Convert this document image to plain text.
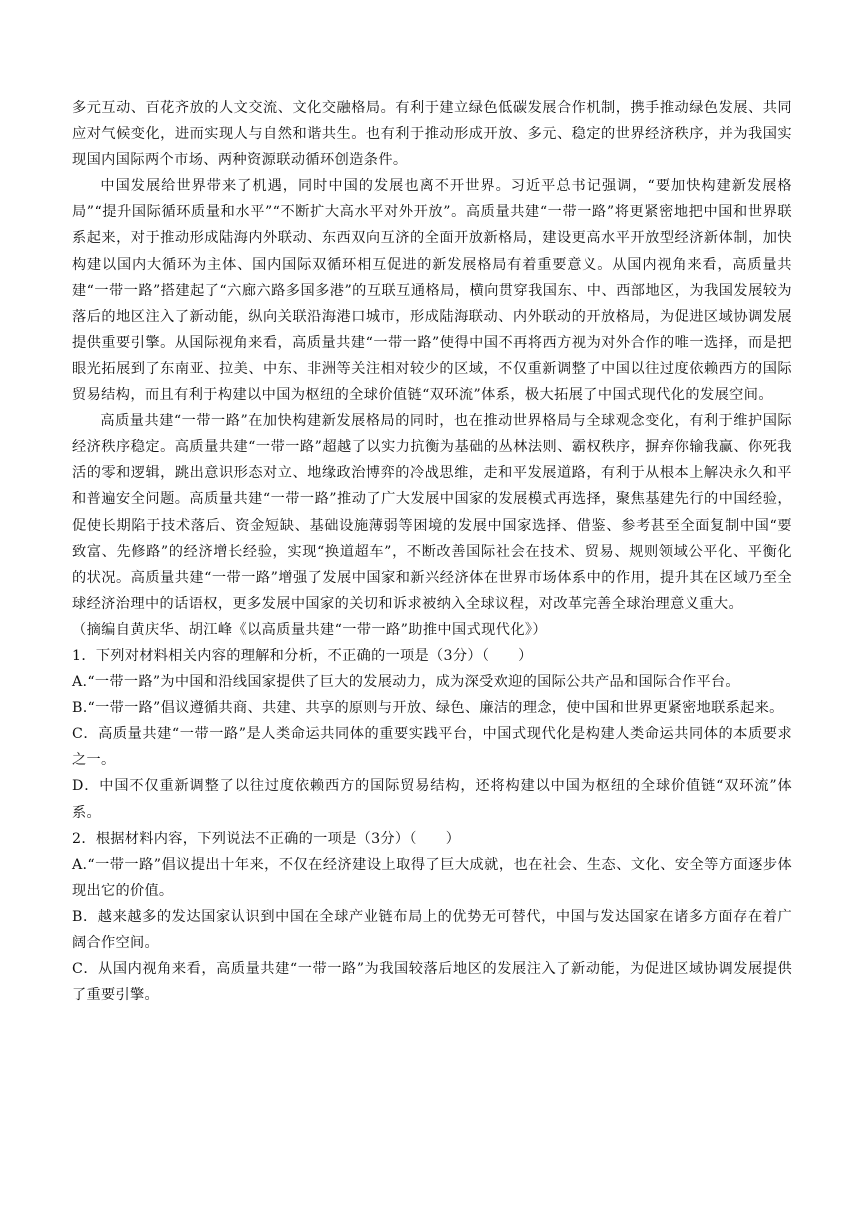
多元互动、百花齐放的人文交流、文化交融格局。有利于建立绿色低碳发展合作机制，携手推动绿色发展、共同应对气候变化，进而实现人与自然和谐共生。也有利于推动形成开放、多元、稳定的世界经济秩序，并为我国实现国内国际两个市场、两种资源联动循环创造条件。

中国发展给世界带来了机遇，同时中国的发展也离不开世界。习近平总书记强调，“要加快构建新发展格局”“提升国际循环质量和水平”“不断扩大高水平对外开放”。高质量共建“一带一路”将更紧密地把中国和世界联系起来，对于推动形成陆海内外联动、东西双向互济的全面开放新格局，建设更高水平开放型经济新体制，加快构建以国内大循环为主体、国内国际双循环相互促进的新发展格局有着重要意义。从国内视角来看，高质量共建“一带一路”搭建起了“六廊六路多国多港”的互联互通格局，横向贯穿我国东、中、西部地区，为我国发展较为落后的地区注入了新动能，纵向关联沿海港口城市，形成陆海联动、内外联动的开放格局，为促进区域协调发展提供重要引擎。从国际视角来看，高质量共建“一带一路”使得中国不再将西方视为对外合作的唯一选择，而是把眼光拓展到了东南亚、拉美、中东、非洲等关注相对较少的区域，不仅重新调整了中国以往过度依赖西方的国际贸易结构，而且有利于构建以中国为枢纽的全球价值链“双环流”体系，极大拓展了中国式现代化的发展空间。

高质量共建“一带一路”在加快构建新发展格局的同时，也在推动世界格局与全球观念变化，有利于维护国际经济秩序稳定。高质量共建“一带一路”超越了以实力抗衡为基础的丛林法则、霸权秩序，摒弃你输我赢、你死我活的零和逻辑，跳出意识形态对立、地缘政治博弈的冷战思维，走和平发展道路，有利于从根本上解决永久和平和普遍安全问题。高质量共建“一带一路”推动了广大发展中国家的发展模式再选择，聚焦基建先行的中国经验，促使长期陷于技术落后、资金短缺、基础设施薄弱等困境的发展中国家选择、借鉴、参考甚至全面复制中国“要致富、先修路”的经济增长经验，实现“换道超车”，不断改善国际社会在技术、贸易、规则领域公平化、平衡化的状况。高质量共建“一带一路”增强了发展中国家和新兴经济体在世界市场体系中的作用，提升其在区域乃至全球经济治理中的话语权，更多发展中国家的关切和诉求被纳入全球议程，对改革完善全球治理意义重大。

（摘编自黄庆华、胡江峰《以高质量共建“一带一路”助推中国式现代化》）

1．下列对材料相关内容的理解和分析，不正确的一项是（3分）（　　）

A.“一带一路”为中国和沿线国家提供了巨大的发展动力，成为深受欢迎的国际公共产品和国际合作平台。

B.“一带一路”倡议遵循共商、共建、共享的原则与开放、绿色、廉洁的理念，使中国和世界更紧密地联系起来。

C．高质量共建“一带一路”是人类命运共同体的重要实践平台，中国式现代化是构建人类命运共同体的本质要求之一。

D．中国不仅重新调整了以往过度依赖西方的国际贸易结构，还将构建以中国为枢纽的全球价值链“双环流”体系。

2．根据材料内容，下列说法不正确的一项是（3分）（　　）

A.“一带一路”倡议提出十年来，不仅在经济建设上取得了巨大成就，也在社会、生态、文化、安全等方面逐步体现出它的价值。

B．越来越多的发达国家认识到中国在全球产业链布局上的优势无可替代，中国与发达国家在诸多方面存在着广阔合作空间。

C．从国内视角来看，高质量共建“一带一路”为我国较落后地区的发展注入了新动能，为促进区域协调发展提供了重要引擎。
